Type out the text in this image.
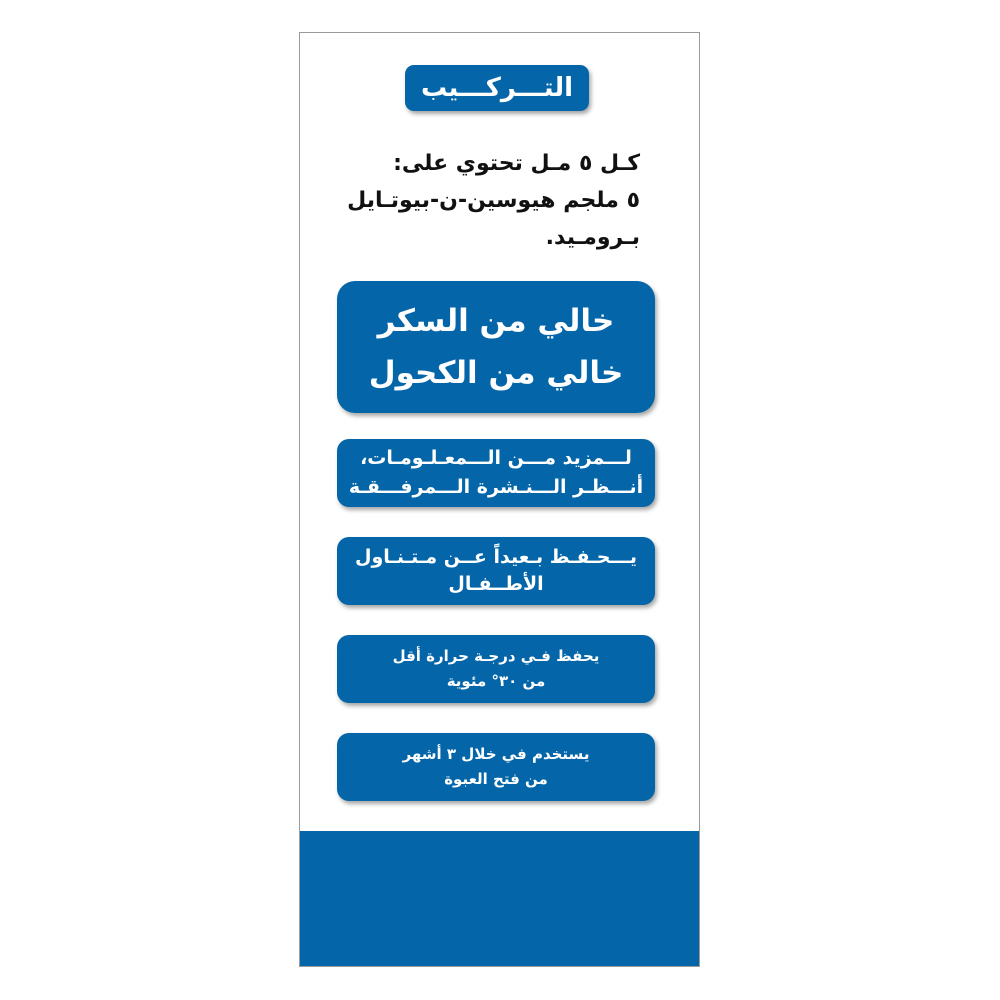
التـــركـــيب
كـل ٥ مـل تحتوي على:
٥ ملجم هيوسين-ن-بيوتـايل
بـرومـيد.
خالي من السكر
خالي من الكحول
لـــمزيد مـــن الـــمعـلـومـات،
أنـــظـر الـــنـشرة الـــمرفـــقـة
يـــحـفـظ بـعيداً عــن مـتـنـاول
الأطــفـال
يحفظ فـي درجـة حرارة أقل
من ٣٠° مئوية
يستخدم في خلال ٣ أشهر
من فتح العبوة
